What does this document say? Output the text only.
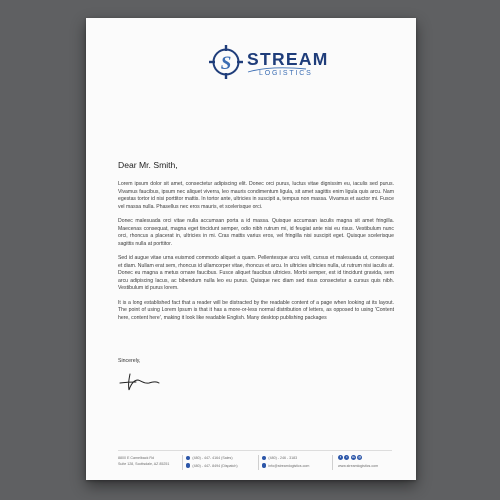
S STREAM
LOGISTICS
Dear Mr. Smith,

Lorem ipsum dolor sit amet, consectetur adipiscing elit. Donec orci purus, luctus vitae dignissim eu, iaculis sed purus. Vivamus faucibus, ipsum nec aliquet viverra, leo mauris condimentum ligula, sit amet sagittis enim ligula quis arcu. Nam egestas tortor id nisi porttitor mattis. In tortor ante, ultricies in suscipit a, tempus non massa. Vivamus et auctor mi. Fusce vel massa nulla. Phasellus nec eros mauris, et scelerisque orci.

Donec malesuada orci vitae nulla accumsan porta a id massa. Quisque accumsan iaculis magna sit amet fringilla. Maecenas consequat, magna eget tincidunt semper, odio nibh rutrum mi, id feugiat ante nisi eu risus. Vestibulum nunc orci, rhoncus a placerat in, ultricies in mi. Cras mattis varius eros, vel fringilla nisi suscipit eget. Quisque scelerisque sagittis nulla at porttitor.

Sed id augue vitae urna euismod commodo aliquet a quam. Pellentesque arcu velit, cursus et malesuada ut, consequat et diam. Nullam erat sem, rhoncus id ullamcorper vitae, rhoncus et arcu. In ultricies ultricies nulla, ut rutrum nisi iaculis at. Donec eu magna a metus ornare faucibus. Fusce aliquet faucibus ultricies. Morbi semper, est id tincidunt gravida, sem arcu adipiscing lacus, ac bibendum nulla leo eu purus. Quisque nec diam sed risus consectetur a cursus quis nibh. Vestibulum id purus lorem.

It is a long established fact that a reader will be distracted by the readable content of a page when looking at its layout. The point of using Lorem Ipsum is that it has a more-or-less normal distribution of letters, as opposed to using 'Content here, content here', making it look like readable English. Many desktop publishing packages

Sincerely,
8800 E Camelback Rd
Suite 128, Scottsdale, AZ 85251
(480) - 447- 4164 (Sales)
(480) - 447- 8494 (Dispatch)
(480) - 246 - 3183
info@streamlogistics.com
f	t	in	@
www.streamlogistics.com
